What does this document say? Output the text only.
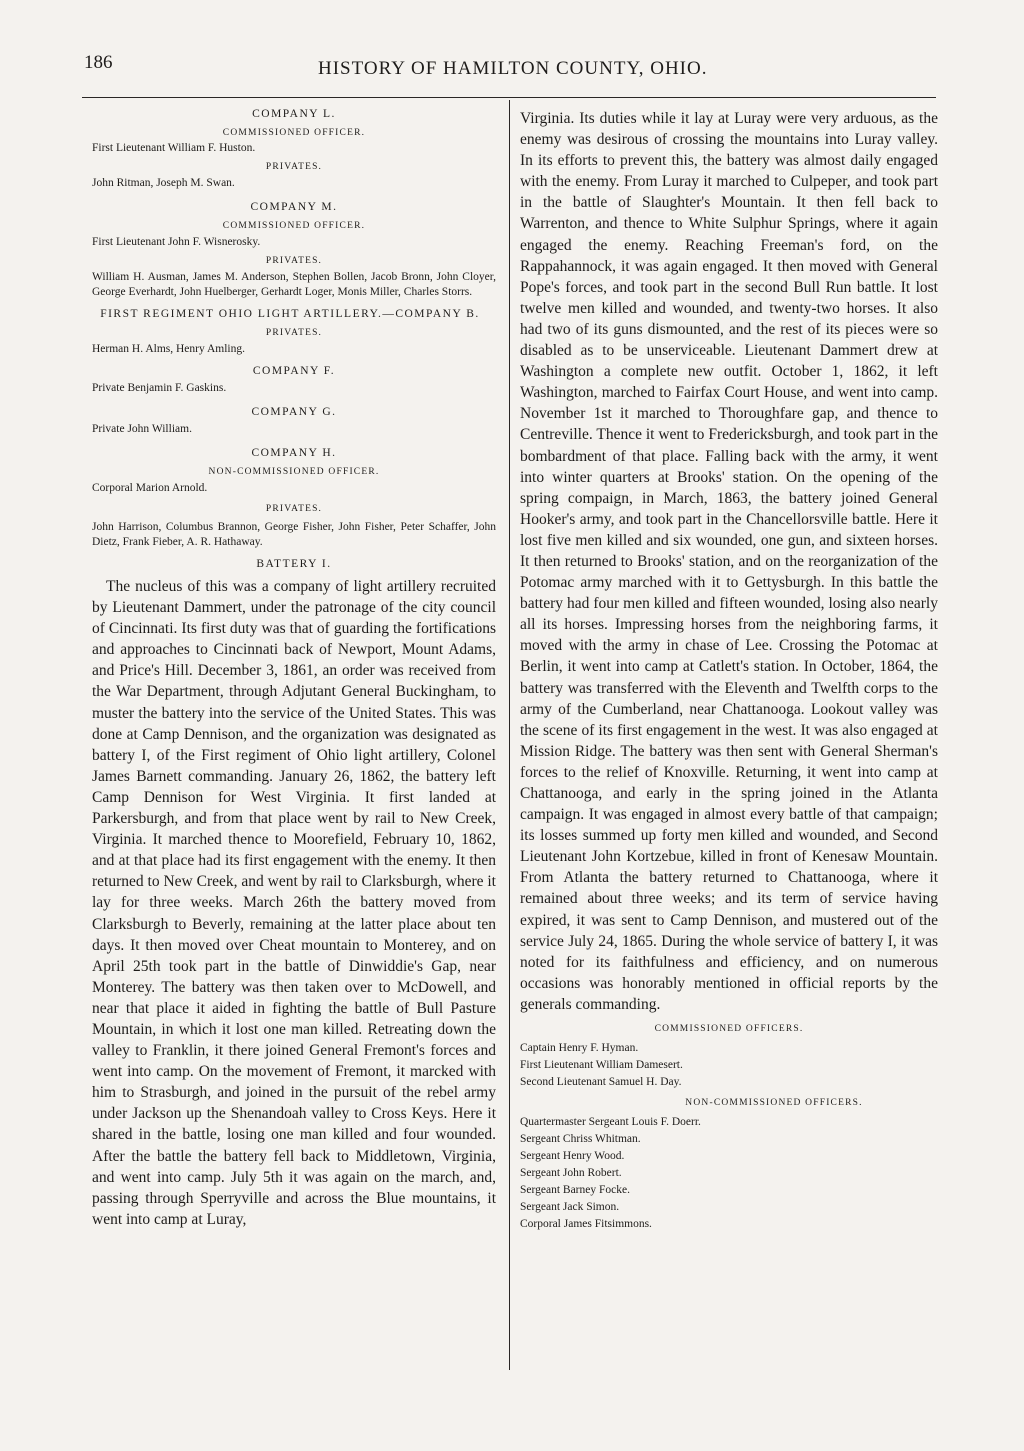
186	HISTORY OF HAMILTON COUNTY, OHIO.
COMPANY L.
COMMISSIONED OFFICER.
First Lieutenant William F. Huston.
PRIVATES.
John Ritman, Joseph M. Swan.
COMPANY M.
COMMISSIONED OFFICER.
First Lieutenant John F. Wisnerosky.
PRIVATES.
William H. Ausman, James M. Anderson, Stephen Bollen, Jacob Bronn, John Cloyer, George Everhardt, John Huelberger, Gerhardt Loger, Monis Miller, Charles Storrs.
FIRST REGIMENT OHIO LIGHT ARTILLERY.—COMPANY B.
PRIVATES.
Herman H. Alms, Henry Amling.
COMPANY F.
Private Benjamin F. Gaskins.
COMPANY G.
Private John William.
COMPANY H.
NON-COMMISSIONED OFFICER.
Corporal Marion Arnold.
PRIVATES.
John Harrison, Columbus Brannon, George Fisher, John Fisher, Peter Schaffer, John Dietz, Frank Fieber, A. R. Hathaway.
BATTERY I.
The nucleus of this was a company of light artillery recruited by Lieutenant Dammert, under the patronage of the city council of Cincinnati. Its first duty was that of guarding the fortifications and approaches to Cincinnati back of Newport, Mount Adams, and Price's Hill. December 3, 1861, an order was received from the War Department, through Adjutant General Buckingham, to muster the battery into the service of the United States. This was done at Camp Dennison, and the organization was designated as battery I, of the First regiment of Ohio light artillery, Colonel James Barnett commanding. January 26, 1862, the battery left Camp Dennison for West Virginia. It first landed at Parkersburgh, and from that place went by rail to New Creek, Virginia. It marched thence to Moorefield, February 10, 1862, and at that place had its first engagement with the enemy. It then returned to New Creek, and went by rail to Clarksburgh, where it lay for three weeks. March 26th the battery moved from Clarksburgh to Beverly, remaining at the latter place about ten days. It then moved over Cheat mountain to Monterey, and on April 25th took part in the battle of Dinwiddie's Gap, near Monterey. The battery was then taken over to McDowell, and near that place it aided in fighting the battle of Bull Pasture Mountain, in which it lost one man killed. Retreating down the valley to Franklin, it there joined General Fremont's forces and went into camp. On the movement of Fremont, it marcked with him to Strasburgh, and joined in the pursuit of the rebel army under Jackson up the Shenandoah valley to Cross Keys. Here it shared in the battle, losing one man killed and four wounded. After the battle the battery fell back to Middletown, Virginia, and went into camp. July 5th it was again on the march, and, passing through Sperryville and across the Blue mountains, it went into camp at Luray,
Virginia. Its duties while it lay at Luray were very arduous, as the enemy was desirous of crossing the mountains into Luray valley. In its efforts to prevent this, the battery was almost daily engaged with the enemy. From Luray it marched to Culpeper, and took part in the battle of Slaughter's Mountain. It then fell back to Warrenton, and thence to White Sulphur Springs, where it again engaged the enemy. Reaching Freeman's ford, on the Rappahannock, it was again engaged. It then moved with General Pope's forces, and took part in the second Bull Run battle. It lost twelve men killed and wounded, and twenty-two horses. It also had two of its guns dismounted, and the rest of its pieces were so disabled as to be unserviceable. Lieutenant Dammert drew at Washington a complete new outfit. October 1, 1862, it left Washington, marched to Fairfax Court House, and went into camp. November 1st it marched to Thoroughfare gap, and thence to Centreville. Thence it went to Fredericksburgh, and took part in the bombardment of that place. Falling back with the army, it went into winter quarters at Brooks' station. On the opening of the spring compaign, in March, 1863, the battery joined General Hooker's army, and took part in the Chancellorsville battle. Here it lost five men killed and six wounded, one gun, and sixteen horses. It then returned to Brooks' station, and on the reorganization of the Potomac army marched with it to Gettysburgh. In this battle the battery had four men killed and fifteen wounded, losing also nearly all its horses. Impressing horses from the neighboring farms, it moved with the army in chase of Lee. Crossing the Potomac at Berlin, it went into camp at Catlett's station. In October, 1864, the battery was transferred with the Eleventh and Twelfth corps to the army of the Cumberland, near Chattanooga. Lookout valley was the scene of its first engagement in the west. It was also engaged at Mission Ridge. The battery was then sent with General Sherman's forces to the relief of Knoxville. Returning, it went into camp at Chattanooga, and early in the spring joined in the Atlanta campaign. It was engaged in almost every battle of that campaign; its losses summed up forty men killed and wounded, and Second Lieutenant John Kortzebue, killed in front of Kenesaw Mountain. From Atlanta the battery returned to Chattanooga, where it remained about three weeks; and its term of service having expired, it was sent to Camp Dennison, and mustered out of the service July 24, 1865. During the whole service of battery I, it was noted for its faithfulness and efficiency, and on numerous occasions was honorably mentioned in official reports by the generals commanding.
COMMISSIONED OFFICERS.
Captain Henry F. Hyman.
First Lieutenant William Damesert.
Second Lieutenant Samuel H. Day.
NON-COMMISSIONED OFFICERS.
Quartermaster Sergeant Louis F. Doerr.
Sergeant Chriss Whitman.
Sergeant Henry Wood.
Sergeant John Robert.
Sergeant Barney Focke.
Sergeant Jack Simon.
Corporal James Fitsimmons.
